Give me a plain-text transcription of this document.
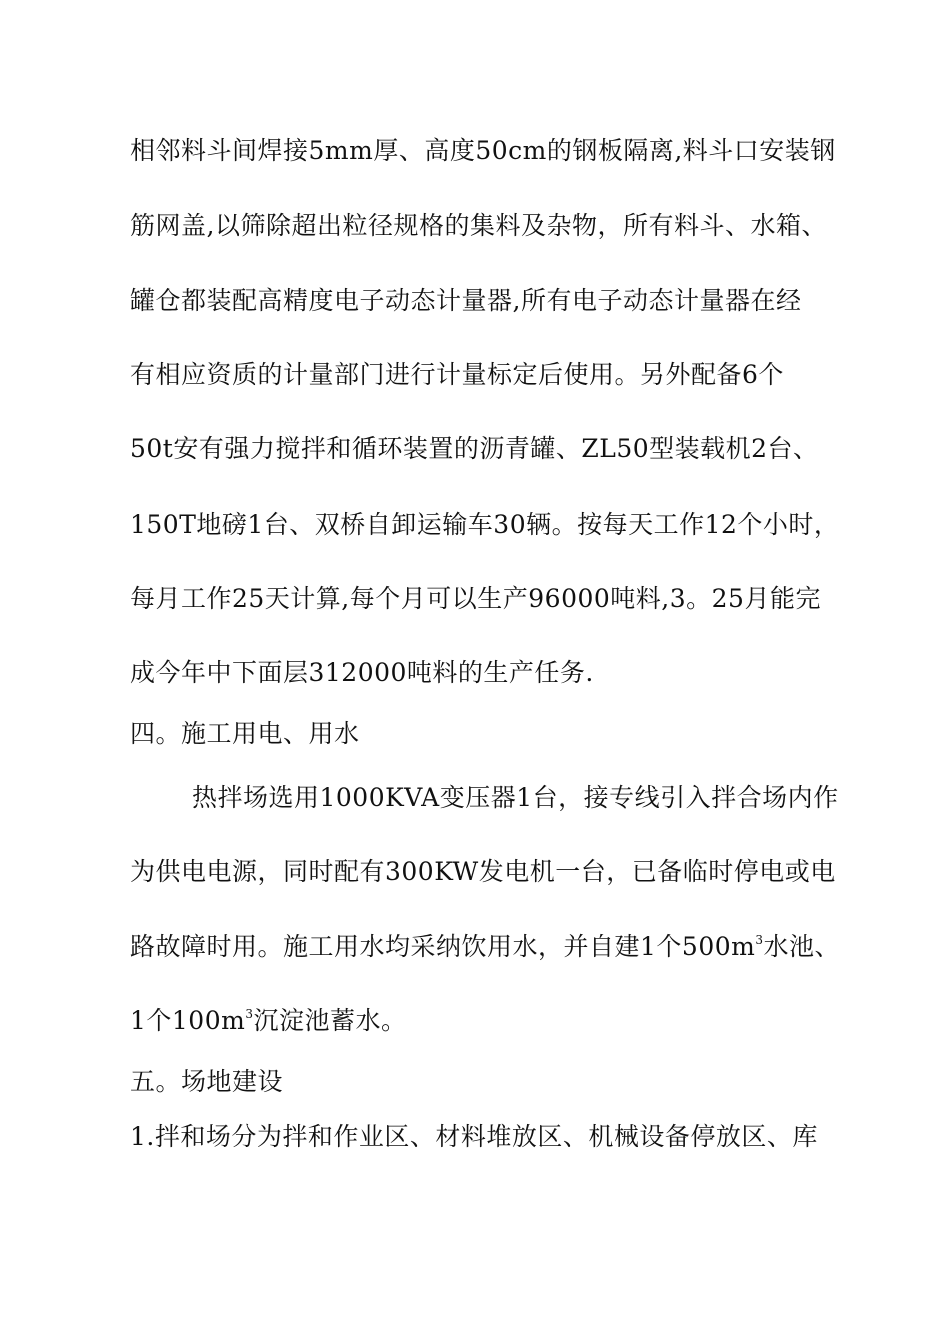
相邻料斗间焊接5mm厚、高度50cm的钢板隔离,料斗口安装钢
筋网盖,以筛除超出粒径规格的集料及杂物，所有料斗、水箱、
罐仓都装配高精度电子动态计量器,所有电子动态计量器在经
有相应资质的计量部门进行计量标定后使用。另外配备6个
50t安有强力搅拌和循环装置的沥青罐、ZL50型装载机2台、
150T地磅1台、双桥自卸运输车30辆。按每天工作12个小时，
每月工作25天计算,每个月可以生产96000吨料,3。25月能完
成今年中下面层312000吨料的生产任务.
四。施工用电、用水
热拌场选用1000KVA变压器1台，接专线引入拌合场内作
为供电电源，同时配有300KW发电机一台，已备临时停电或电
路故障时用。施工用水均采纳饮用水，并自建1个$500m^3$水池、
1个$100m^3$沉淀池蓄水。
五。场地建设
1.拌和场分为拌和作业区、材料堆放区、机械设备停放区、库
